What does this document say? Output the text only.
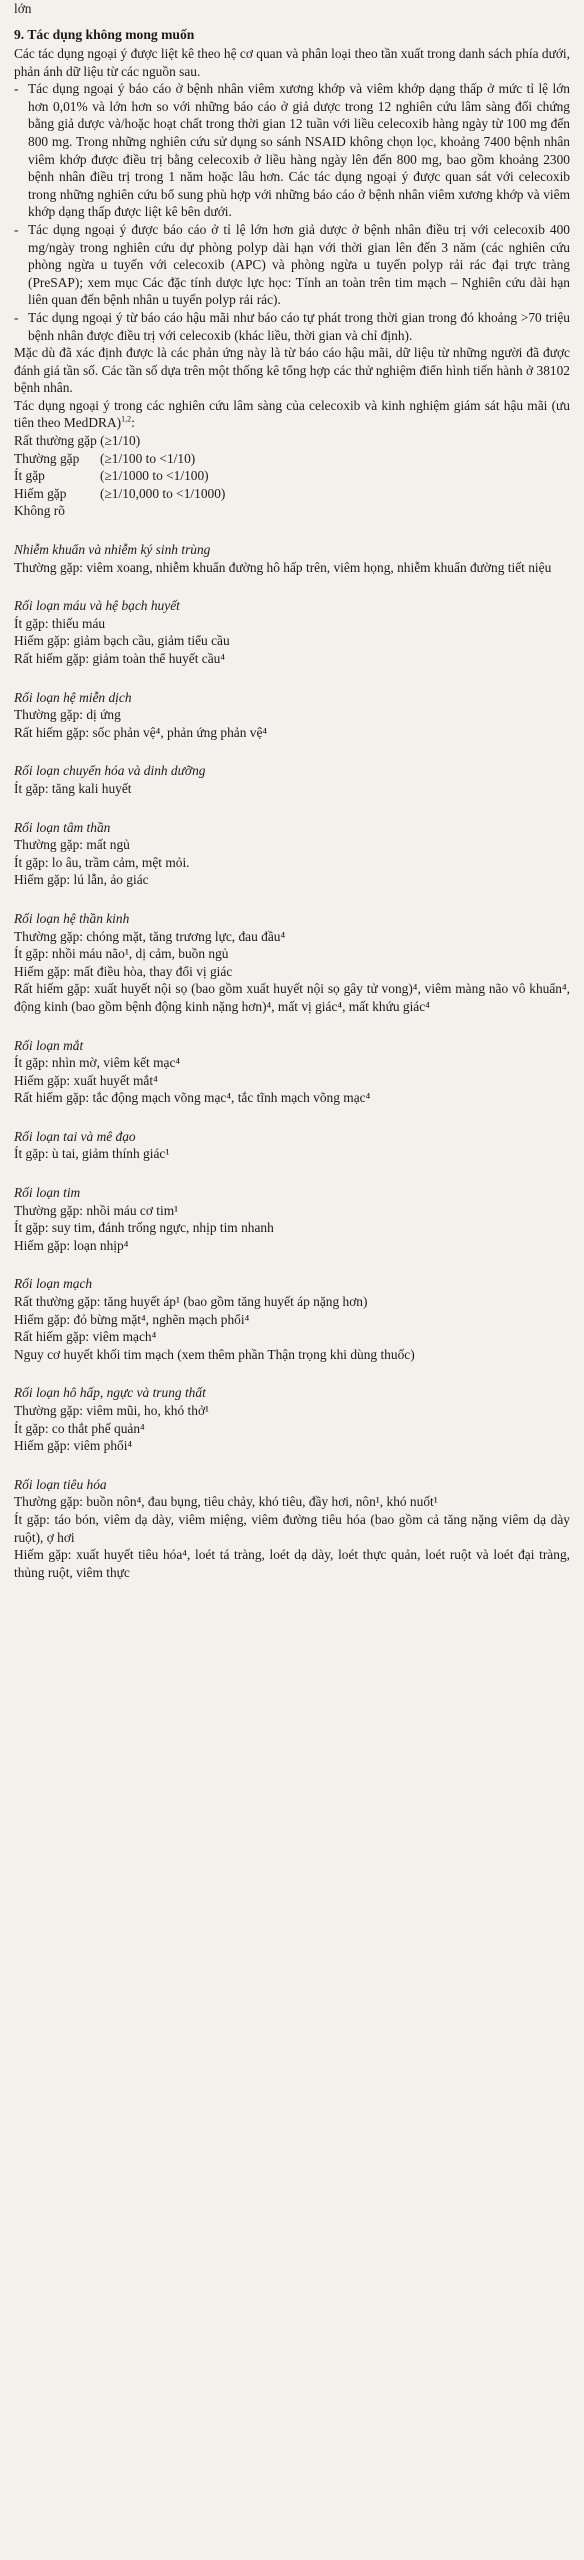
lớn
9. Tác dụng không mong muốn

Các tác dụng ngoại ý được liệt kê theo hệ cơ quan và phân loại theo tần xuất trong danh sách phía dưới, phản ánh dữ liệu từ các nguồn sau.

- Tác dụng ngoại ý báo cáo ở bệnh nhân viêm xương khớp và viêm khớp dạng thấp ở mức tỉ lệ lớn hơn 0,01% và lớn hơn so với những báo cáo ở giả dược trong 12 nghiên cứu lâm sàng đối chứng bằng giả dược và/hoặc hoạt chất trong thời gian 12 tuần với liều celecoxib hàng ngày từ 100 mg đến 800 mg. Trong những nghiên cứu sử dụng so sánh NSAID không chọn lọc, khoảng 7400 bệnh nhân viêm khớp được điều trị bằng celecoxib ở liều hàng ngày lên đến 800 mg, bao gồm khoảng 2300 bệnh nhân điều trị trong 1 năm hoặc lâu hơn. Các tác dụng ngoại ý được quan sát với celecoxib trong những nghiên cứu bổ sung phù hợp với những báo cáo ở bệnh nhân viêm xương khớp và viêm khớp dạng thấp được liệt kê bên dưới.
- Tác dụng ngoại ý được báo cáo ở tỉ lệ lớn hơn giả dược ở bệnh nhân điều trị với celecoxib 400 mg/ngày trong nghiên cứu dự phòng polyp dài hạn với thời gian lên đến 3 năm (các nghiên cứu phòng ngừa u tuyến với celecoxib (APC) và phòng ngừa u tuyến polyp rải rác đại trực tràng (PreSAP); xem mục Các đặc tính dược lực học: Tính an toàn trên tim mạch – Nghiên cứu dài hạn liên quan đến bệnh nhân u tuyến polyp rải rác).
- Tác dụng ngoại ý từ báo cáo hậu mãi như báo cáo tự phát trong thời gian trong đó khoảng >70 triệu bệnh nhân được điều trị với celecoxib (khác liều, thời gian và chỉ định).

Mặc dù đã xác định được là các phản ứng này là từ báo cáo hậu mãi, dữ liệu từ những người đã được đánh giá tần số. Các tần số dựa trên một thống kê tổng hợp các thử nghiệm điển hình tiến hành ở 38102 bệnh nhân.

Tác dụng ngoại ý trong các nghiên cứu lâm sàng của celecoxib và kinh nghiệm giám sát hậu mãi (ưu tiên theo MedDRA)$^{1,2}$:

Rất thường gặp (≥1/10)
Thường gặp	(≥1/100 to <1/10)
Ít gặp	(≥1/1000 to <1/100)
Hiếm gặp	(≥1/10,000 to <1/1000)
Không rõ

Nhiễm khuẩn và nhiễm ký sinh trùng

Thường gặp: viêm xoang, nhiễm khuẩn đường hô hấp trên, viêm họng, nhiễm khuẩn đường tiết niệu

Rối loạn máu và hệ bạch huyết

Ít gặp: thiếu máu

Hiếm gặp: giảm bạch cầu, giảm tiểu cầu

Rất hiếm gặp: giảm toàn thể huyết cầu⁴

Rối loạn hệ miễn dịch

Thường gặp: dị ứng

Rất hiếm gặp: sốc phản vệ⁴, phản ứng phản vệ⁴

Rối loạn chuyển hóa và dinh dưỡng

Ít gặp: tăng kali huyết

Rối loạn tâm thần

Thường gặp: mất ngủ

Ít gặp: lo âu, trầm cảm, mệt mỏi.

Hiếm gặp: lú lẫn, ảo giác

Rối loạn hệ thần kinh

Thường gặp: chóng mặt, tăng trương lực, đau đầu⁴

Ít gặp: nhồi máu não¹, dị cảm, buồn ngủ

Hiếm gặp: mất điều hòa, thay đổi vị giác

Rất hiếm gặp: xuất huyết nội sọ (bao gồm xuất huyết nội sọ gây tử vong)⁴, viêm màng não vô khuẩn⁴, động kinh (bao gồm bệnh động kinh nặng hơn)⁴, mất vị giác⁴, mất khứu giác⁴

Rối loạn mắt

Ít gặp: nhìn mờ, viêm kết mạc⁴

Hiếm gặp: xuất huyết mắt⁴

Rất hiếm gặp: tắc động mạch võng mạc⁴, tắc tĩnh mạch võng mạc⁴

Rối loạn tai và mê đạo

Ít gặp: ù tai, giảm thính giác¹

Rối loạn tim

Thường gặp: nhồi máu cơ tim¹

Ít gặp: suy tim, đánh trống ngực, nhịp tim nhanh

Hiếm gặp: loạn nhịp⁴

Rối loạn mạch

Rất thường gặp: tăng huyết áp¹ (bao gồm tăng huyết áp nặng hơn)

Hiếm gặp: đỏ bừng mặt⁴, nghẽn mạch phổi⁴

Rất hiếm gặp: viêm mạch⁴

Nguy cơ huyết khối tim mạch (xem thêm phần Thận trọng khi dùng thuốc)

Rối loạn hô hấp, ngực và trung thất

Thường gặp: viêm mũi, ho, khó thở¹

Ít gặp: co thắt phế quản⁴

Hiếm gặp: viêm phổi⁴

Rối loạn tiêu hóa

Thường gặp: buồn nôn⁴, đau bụng, tiêu chảy, khó tiêu, đầy hơi, nôn¹, khó nuốt¹

Ít gặp: táo bón, viêm dạ dày, viêm miệng, viêm đường tiêu hóa (bao gồm cả tăng nặng viêm dạ dày ruột), ợ hơi

Hiếm gặp: xuất huyết tiêu hóa⁴, loét tá tràng, loét dạ dày, loét thực quản, loét ruột và loét đại tràng, thủng ruột, viêm thực
